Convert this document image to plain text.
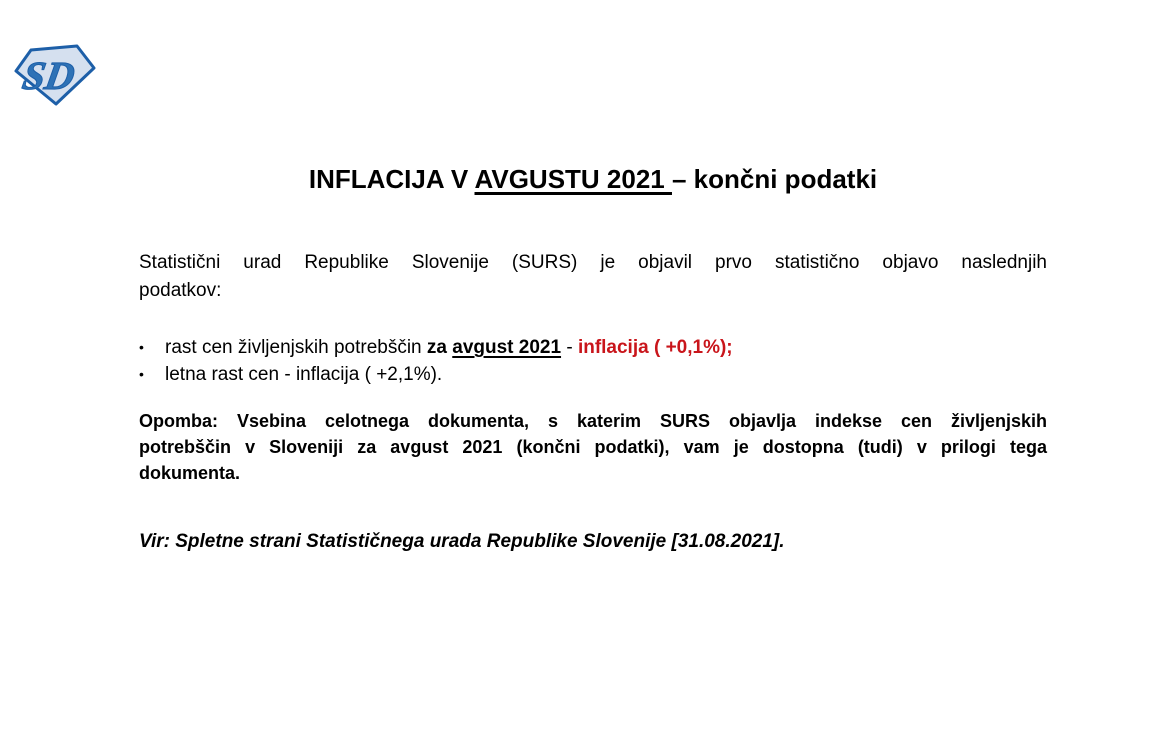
SD
INFLACIJA V AVGUSTU 2021 – končni podatki
Statistični urad Republike Slovenije (SURS) je objavil prvo statistično objavo naslednjih
podatkov:
•	rast cen življenjskih potrebščin za avgust 2021 - inflacija ( +0,1%);
•	letna rast cen - inflacija ( +2,1%).
Opomba: Vsebina celotnega dokumenta, s katerim SURS objavlja indekse cen življenjskih
potrebščin v Sloveniji za avgust 2021 (končni podatki), vam je dostopna (tudi) v prilogi tega
dokumenta.
Vir: Spletne strani Statističnega urada Republike Slovenije [31.08.2021].
